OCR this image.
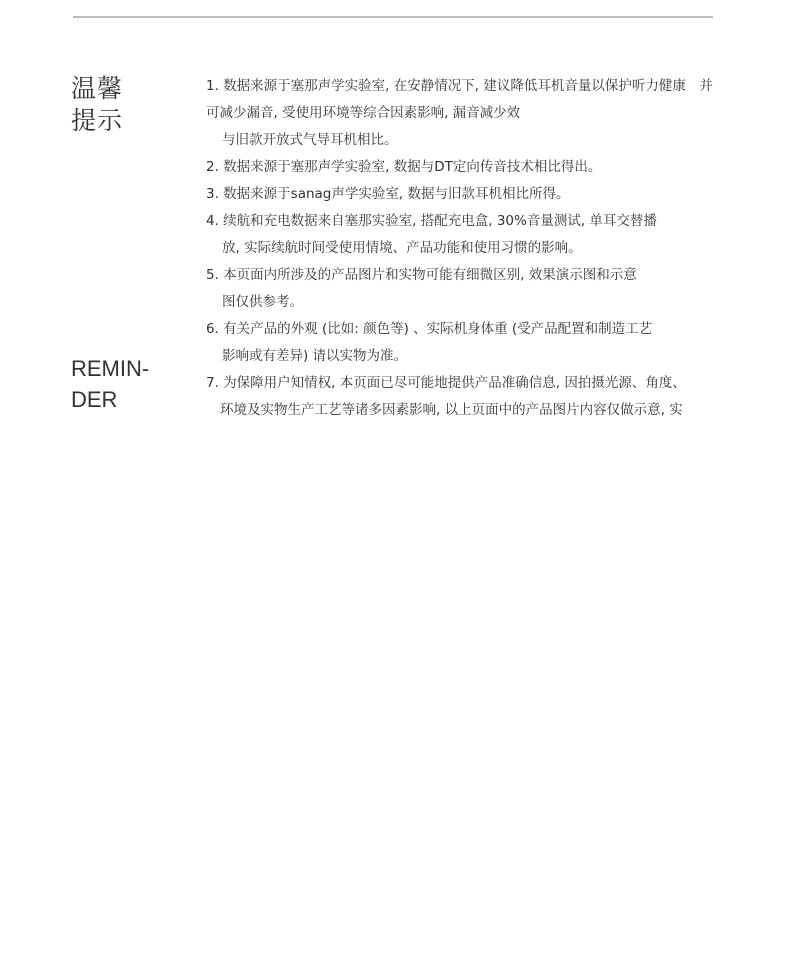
温馨
提示
REMIN-
DER
1. 数据来源于塞那声学实验室, 在安静情况下, 建议降低耳机音量以保护听力健康　并
可减少漏音, 受使用环境等综合因素影响, 漏音减少效
与旧款开放式气导耳机相比。
2. 数据来源于塞那声学实验室, 数据与DT定向传音技术相比得出。
3. 数据来源于sanag声学实验室, 数据与旧款耳机相比所得。
4. 续航和充电数据来自塞那实验室, 搭配充电盒, 30%音量测试, 单耳交替播
放, 实际续航时间受使用情境、产品功能和使用习惯的影响。
5. 本页面内所涉及的产品图片和实物可能有细微区别, 效果演示图和示意
图仅供参考。
6. 有关产品的外观 (比如: 颜色等) 、实际机身体重 (受产品配置和制造工艺
影响或有差异) 请以实物为准。
7. 为保障用户知情权, 本页面已尽可能地提供产品准确信息, 因拍摄光源、角度、
环境及实物生产工艺等诸多因素影响, 以上页面中的产品图片内容仅做示意, 实
